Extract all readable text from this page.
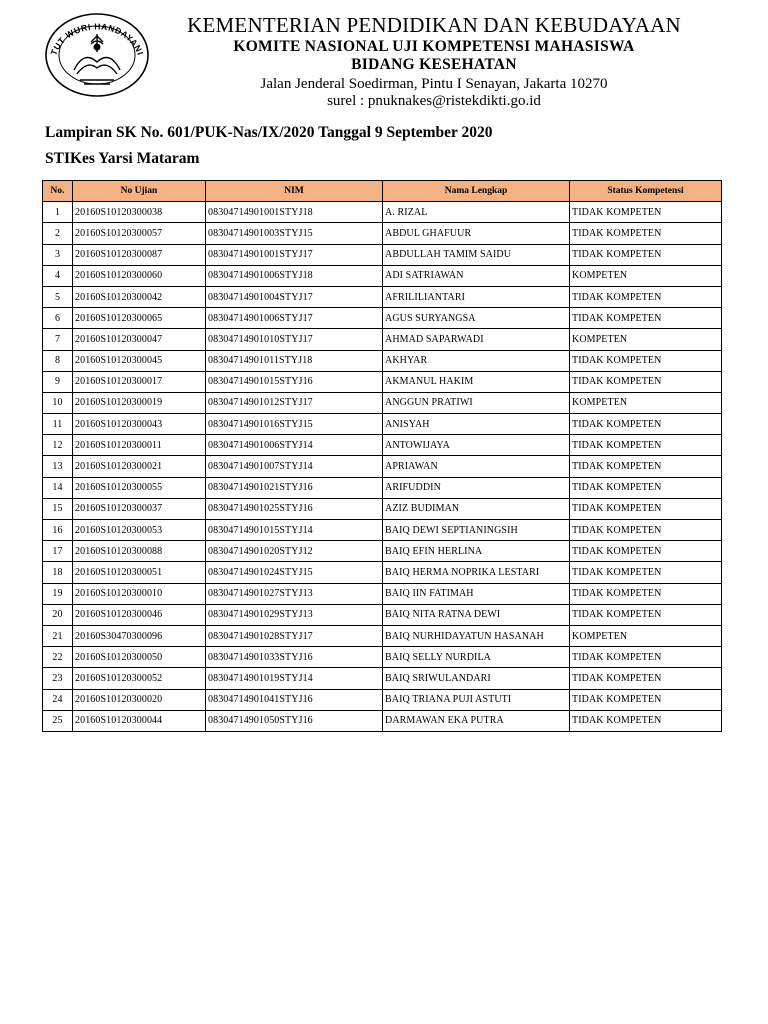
TUT WURI HANDAYANI
KEMENTERIAN PENDIDIKAN DAN KEBUDAYAAN
KOMITE NASIONAL UJI KOMPETENSI MAHASISWA
BIDANG KESEHATAN
Jalan Jenderal Soedirman, Pintu I Senayan, Jakarta 10270
surel : pnuknakes@ristekdikti.go.id
Lampiran SK No. 601/PUK-Nas/IX/2020 Tanggal 9 September 2020
STIKes Yarsi Mataram
No.	No Ujian	NIM	Nama Lengkap	Status Kompetensi
1	20160S10120300038	08304714901001STYJ18	A. RIZAL	TIDAK KOMPETEN
2	20160S10120300057	08304714901003STYJ15	ABDUL GHAFUUR	TIDAK KOMPETEN
3	20160S10120300087	08304714901001STYJ17	ABDULLAH TAMIM SAIDU	TIDAK KOMPETEN
4	20160S10120300060	08304714901006STYJ18	ADI SATRIAWAN	KOMPETEN
5	20160S10120300042	08304714901004STYJ17	AFRILILIANTARI	TIDAK KOMPETEN
6	20160S10120300065	08304714901006STYJ17	AGUS SURYANGSA	TIDAK KOMPETEN
7	20160S10120300047	08304714901010STYJ17	AHMAD SAPARWADI	KOMPETEN
8	20160S10120300045	08304714901011STYJ18	AKHYAR	TIDAK KOMPETEN
9	20160S10120300017	08304714901015STYJ16	AKMANUL HAKIM	TIDAK KOMPETEN
10	20160S10120300019	08304714901012STYJ17	ANGGUN PRATIWI	KOMPETEN
11	20160S10120300043	08304714901016STYJ15	ANISYAH	TIDAK KOMPETEN
12	20160S10120300011	08304714901006STYJ14	ANTOWIJAYA	TIDAK KOMPETEN
13	20160S10120300021	08304714901007STYJ14	APRIAWAN	TIDAK KOMPETEN
14	20160S10120300055	08304714901021STYJ16	ARIFUDDIN	TIDAK KOMPETEN
15	20160S10120300037	08304714901025STYJ16	AZIZ BUDIMAN	TIDAK KOMPETEN
16	20160S10120300053	08304714901015STYJ14	BAIQ DEWI SEPTIANINGSIH	TIDAK KOMPETEN
17	20160S10120300088	08304714901020STYJ12	BAIQ EFIN HERLINA	TIDAK KOMPETEN
18	20160S10120300051	08304714901024STYJ15	BAIQ HERMA NOPRIKA LESTARI	TIDAK KOMPETEN
19	20160S10120300010	08304714901027STYJ13	BAIQ IIN FATIMAH	TIDAK KOMPETEN
20	20160S10120300046	08304714901029STYJ13	BAIQ NITA RATNA DEWI	TIDAK KOMPETEN
21	20160S30470300096	08304714901028STYJ17	BAIQ NURHIDAYATUN HASANAH	KOMPETEN
22	20160S10120300050	08304714901033STYJ16	BAIQ SELLY NURDILA	TIDAK KOMPETEN
23	20160S10120300052	08304714901019STYJ14	BAIQ SRIWULANDARI	TIDAK KOMPETEN
24	20160S10120300020	08304714901041STYJ16	BAIQ TRIANA PUJI ASTUTI	TIDAK KOMPETEN
25	20160S10120300044	08304714901050STYJ16	DARMAWAN EKA PUTRA	TIDAK KOMPETEN
